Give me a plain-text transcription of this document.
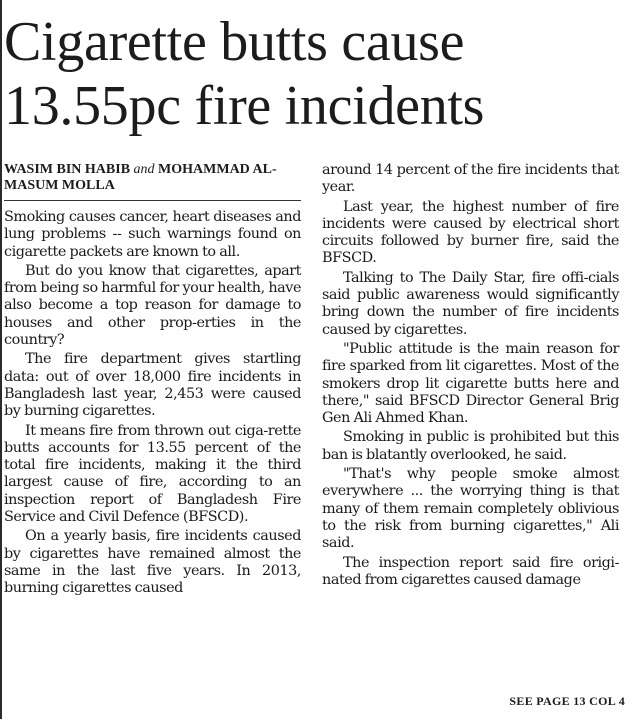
Cigarette butts cause 13.55pc fire incidents
WASIM BIN HABIB and MOHAMMAD AL-MASUM MOLLA

Smoking causes cancer, heart diseases and lung problems -- such warnings found on cigarette packets are known to all.

But do you know that cigarettes, apart from being so harmful for your health, have also become a top reason for damage to houses and other prop-erties in the country?

The fire department gives startling data: out of over 18,000 fire incidents in Bangladesh last year, 2,453 were caused by burning cigarettes.

It means fire from thrown out ciga-rette butts accounts for 13.55 percent of the total fire incidents, making it the third largest cause of fire, according to an inspection report of Bangladesh Fire Service and Civil Defence (BFSCD).

On a yearly basis, fire incidents caused by cigarettes have remained almost the same in the last five years. In 2013, burning cigarettes caused

around 14 percent of the fire incidents that year.

Last year, the highest number of fire incidents were caused by electrical short circuits followed by burner fire, said the BFSCD.

Talking to The Daily Star, fire offi-cials said public awareness would significantly bring down the number of fire incidents caused by cigarettes.

"Public attitude is the main reason for fire sparked from lit cigarettes. Most of the smokers drop lit cigarette butts here and there," said BFSCD Director General Brig Gen Ali Ahmed Khan.

Smoking in public is prohibited but this ban is blatantly overlooked, he said.

"That's why people smoke almost everywhere ... the worrying thing is that many of them remain completely oblivious to the risk from burning cigarettes," Ali said.

The inspection report said fire origi-nated from cigarettes caused damage

SEE PAGE 13 COL 4
